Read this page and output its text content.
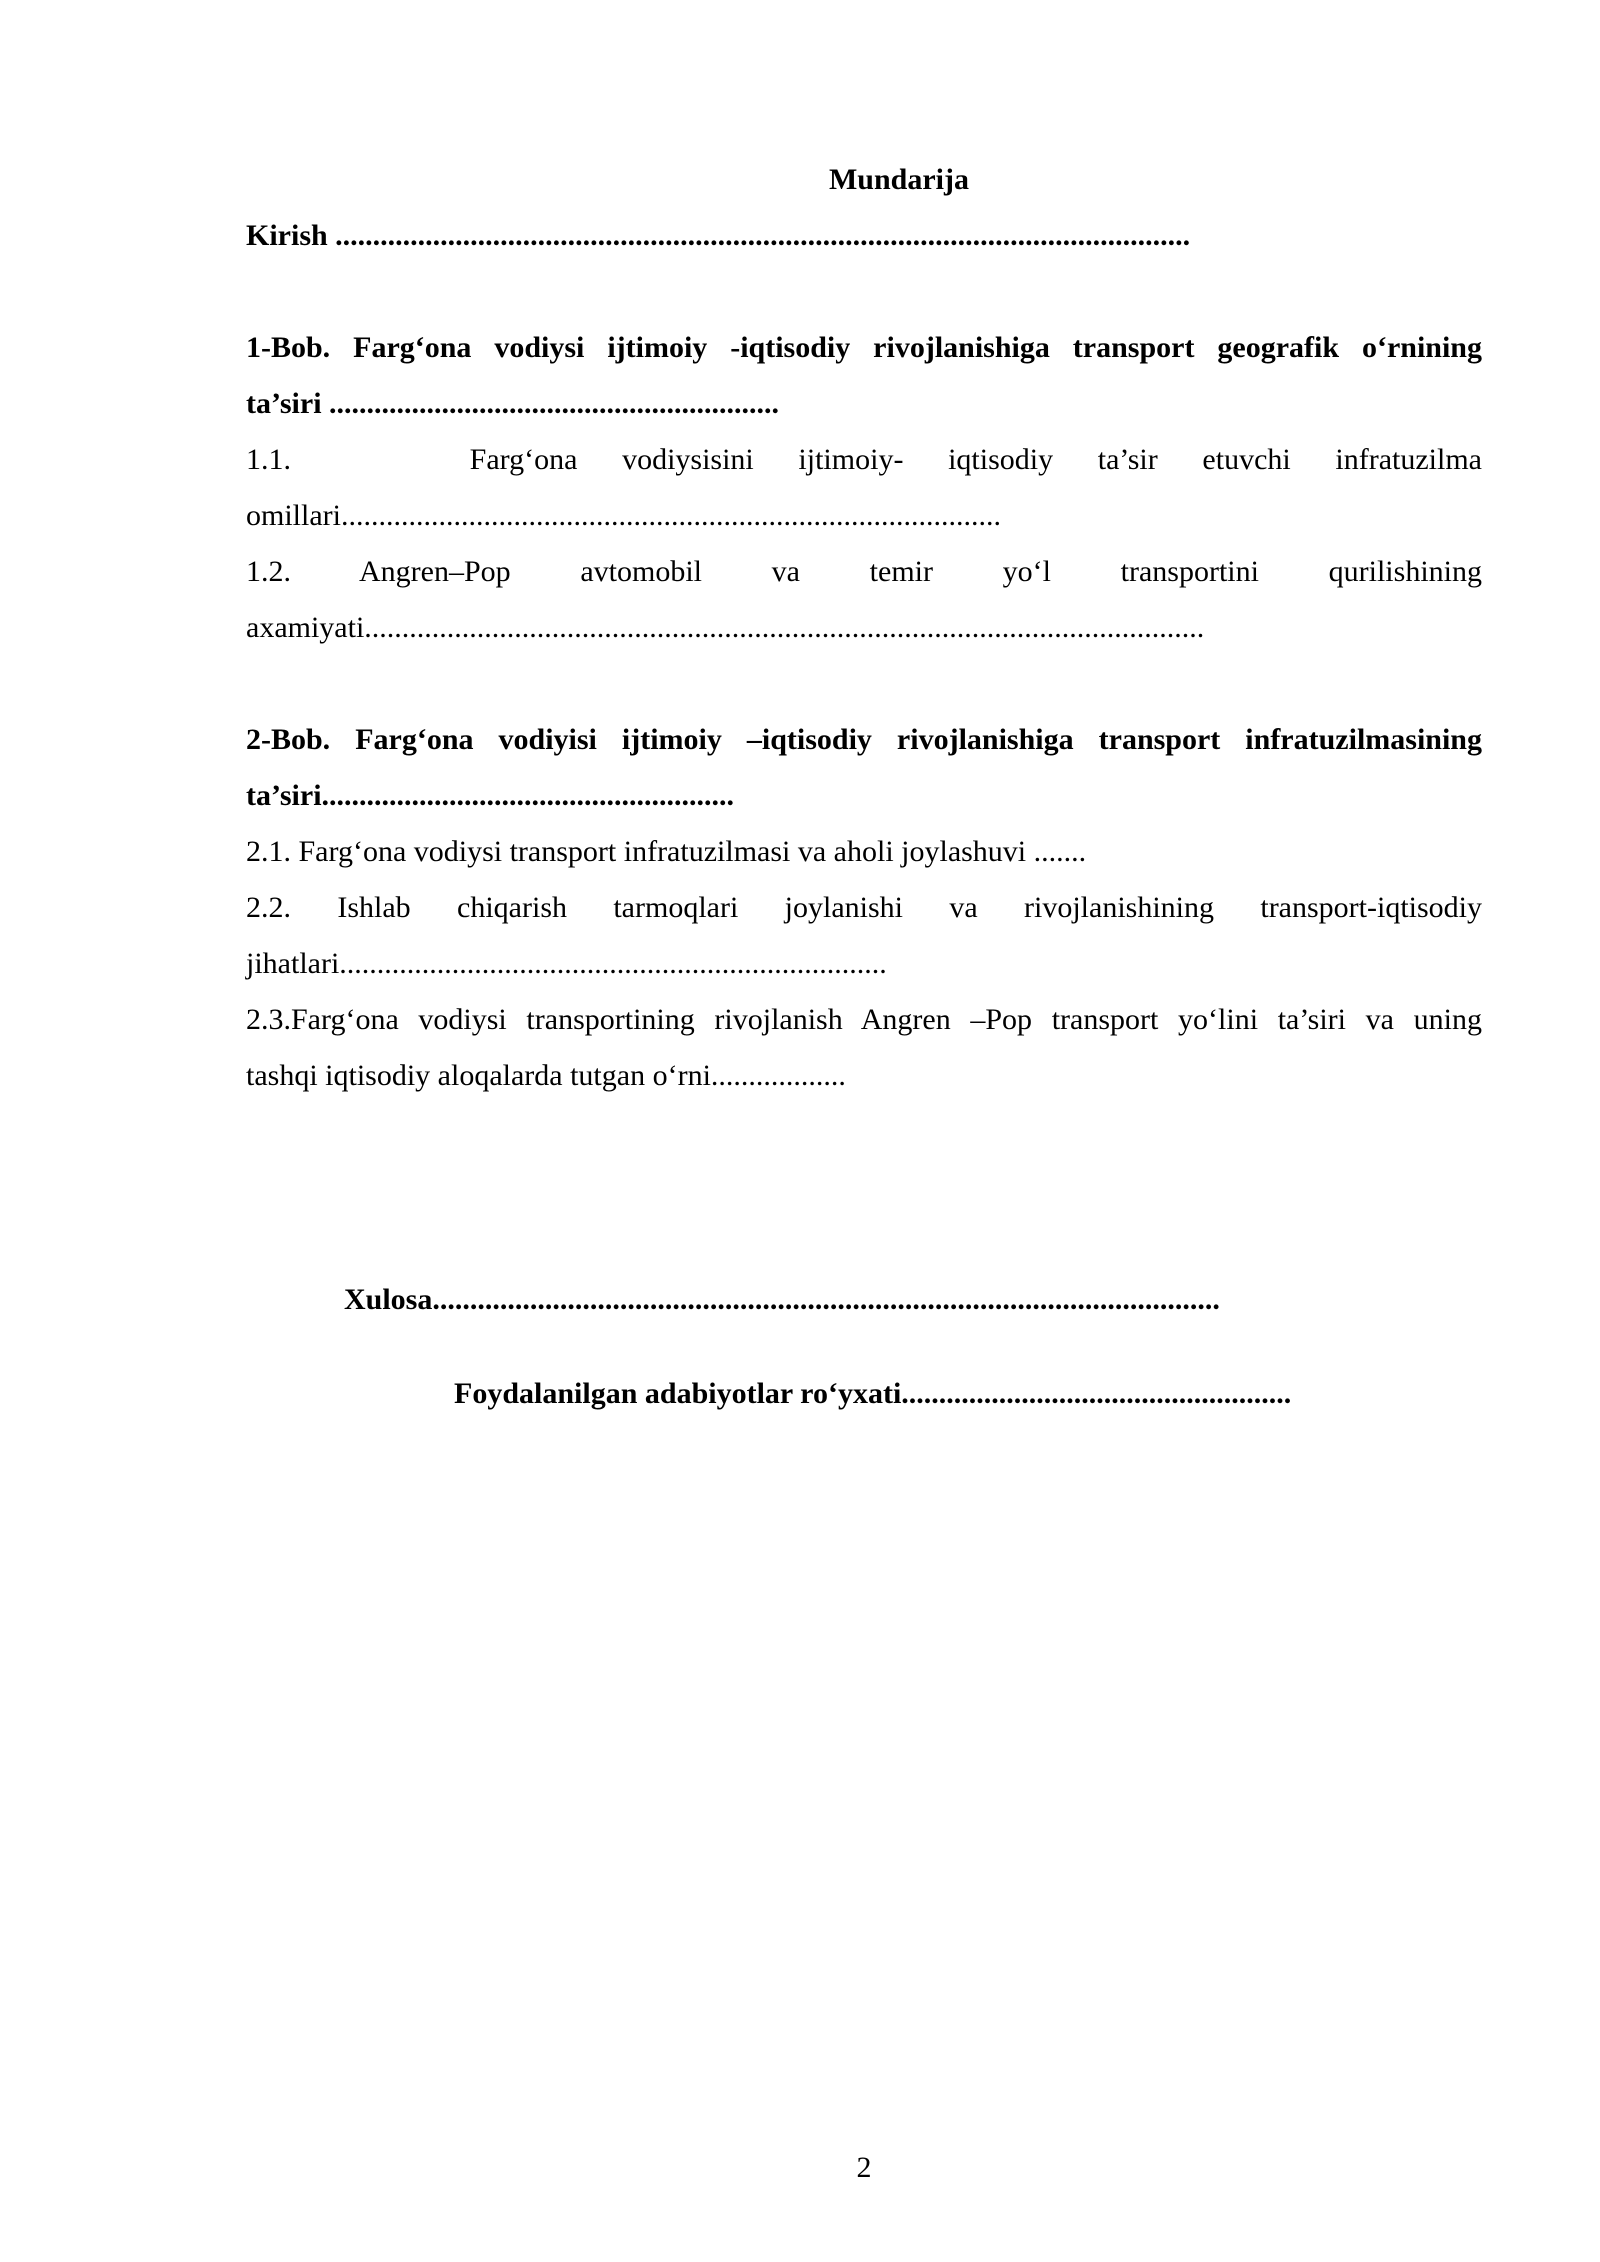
Mundarija
Kirish ..................................................................................................................
1-Bob. Farg‘ona vodiysi ijtimoiy -iqtisodiy rivojlanishiga transport geografik o‘rnining
ta’siri ............................................................
1.1.                Farg‘ona    vodiysisini    ijtimoiy-    iqtisodiy    ta’sir    etuvchi    infratuzilma
omillari........................................................................................
1.2.    Angren–Pop    avtomobil    va    temir    yo‘l    transportini    qurilishining
axamiyati................................................................................................................
2-Bob. Farg‘ona vodiyisi ijtimoiy –iqtisodiy rivojlanishiga transport infratuzilmasining
ta’siri.......................................................
2.1. Farg‘ona vodiysi transport infratuzilmasi va aholi joylashuvi .......
2.2.   Ishlab   chiqarish   tarmoqlari   joylanishi   va   rivojlanishining   transport-iqtisodiy
jihatlari.........................................................................
2.3.Farg‘ona vodiysi transportining rivojlanish Angren –Pop transport yo‘lini ta’siri va uning
tashqi iqtisodiy aloqalarda tutgan o‘rni..................
Xulosa.........................................................................................................
Foydalanilgan adabiyotlar ro‘yxati....................................................
2
